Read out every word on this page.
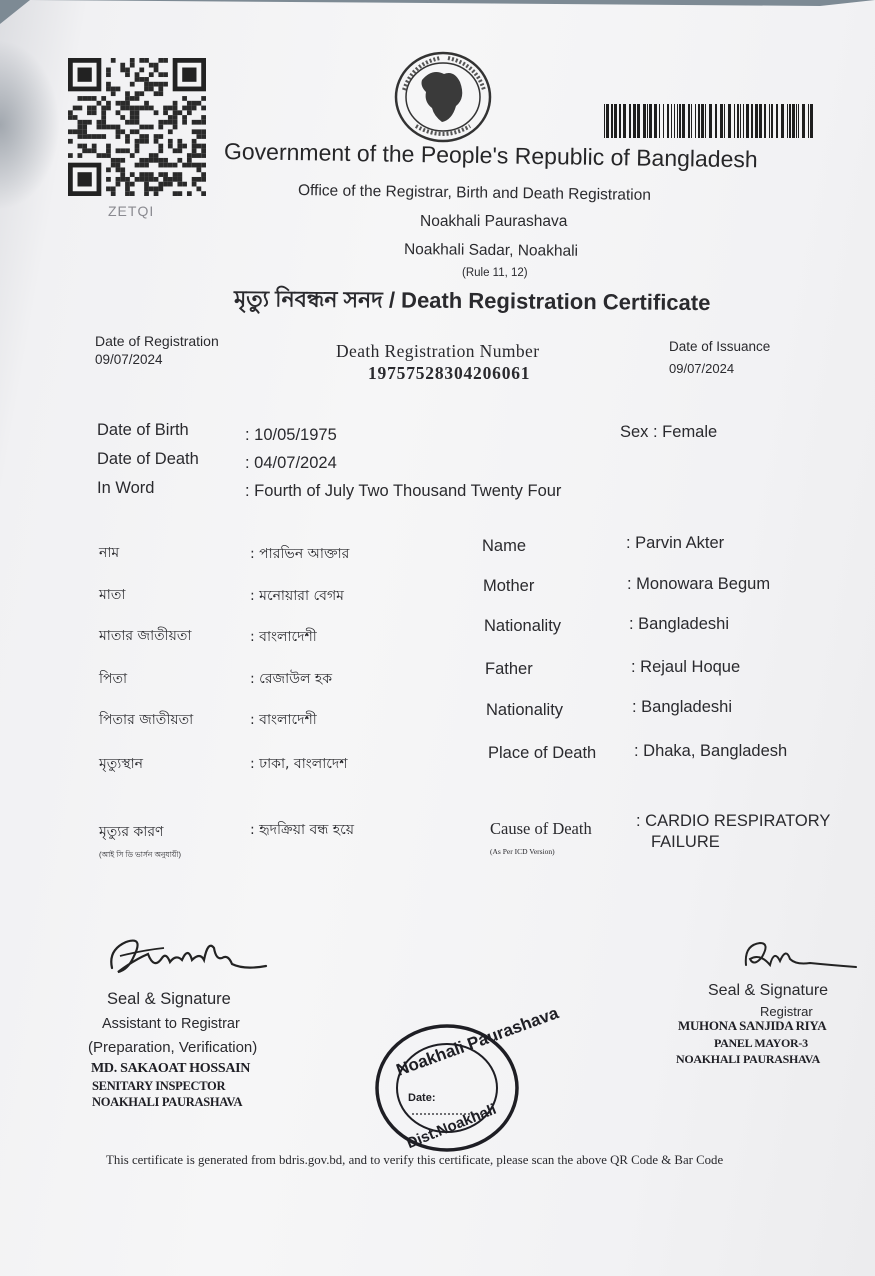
ZETQI
Government of the People's Republic of Bangladesh
Office of the Registrar, Birth and Death Registration
Noakhali Paurashava
Noakhali Sadar, Noakhali
(Rule 11, 12)
মৃত্যু নিবন্ধন সনদ / Death Registration Certificate
Date of Registration
09/07/2024	Death Registration Number
19757528304206061
Date of Issuance
09/07/2024
Date of Birth	: 10/05/1975
Date of Death	: 04/07/2024
In Word	: Fourth of July Two Thousand Twenty Four
Sex : Female
নাম	: পারভিন আক্তার
মাতা	: মনোয়ারা বেগম
মাতার জাতীয়তা	: বাংলাদেশী
পিতা	: রেজাউল হক
পিতার জাতীয়তা	: বাংলাদেশী
মৃত্যুস্থান	: ঢাকা, বাংলাদেশ
মৃত্যুর কারণ	: হৃদক্রিয়া বন্ধ হয়ে
(আই সি ডি ভার্সন অনুযায়ী)
Name	: Parvin Akter
Mother	: Monowara Begum
Nationality	: Bangladeshi
Father	: Rejaul Hoque
Nationality	: Bangladeshi
Place of Death : Dhaka, Bangladesh
Cause of Death
(As Per ICD Version)
: CARDIO RESPIRATORY
FAILURE
Seal & Signature
Assistant to Registrar
(Preparation, Verification)
MD. SAKAOAT HOSSAIN
SENITARY INSPECTOR
NOAKHALI PAURASHAVA
Noakhali Paurashava
Date:
Dist.Noakhali
Seal & Signature
Registrar
MUHONA SANJIDA RIYA
PANEL MAYOR-3
NOAKHALI PAURASHAVA
This certificate is generated from bdris.gov.bd, and to verify this certificate, please scan the above QR Code & Bar Code
